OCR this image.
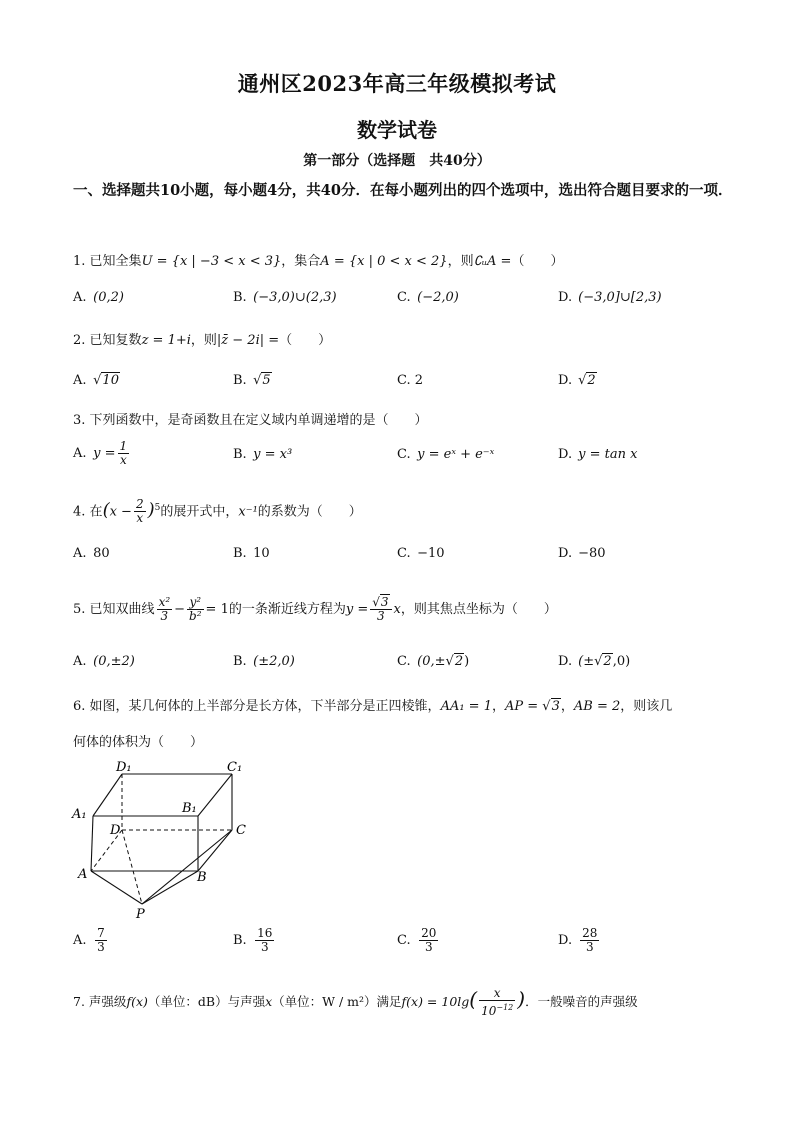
通州区2023年高三年级模拟考试
数学试卷
第一部分（选择题　共40分）
一、选择题共10小题，每小题4分，共40分．在每小题列出的四个选项中，选出符合题目要求的一项．
1. 已知全集U = {x | −3 < x < 3}，集合A = {x | 0 < x < 2}，则∁ᵤA =（　　）
A. (0,2)	B. (−3,0)∪(2,3)	C. (−2,0)	D. (−3,0]∪[2,3)
2. 已知复数z = 1+i，则|z̄ − 2i| =（　　）
A. √10	B. √5	C. 2	D. √2
3. 下列函数中，是奇函数且在定义域内单调递增的是（　　）
A. $y = \frac{1}{x}$	B. y = x³	C. y = eˣ + e⁻ˣ	D. y = tan x
4. 在$(x - \frac{2}{x} )^5$的展开式中，x⁻¹的系数为（　　）
A. 80	B. 10	C. −10	D. −80
5. 已知双曲线 $\frac{\text{x²}}{3} - \frac{\text{y²}}{\text{b²}} = 1$的一条渐近线方程为$y = \frac{√3}{3}$ x，则其焦点坐标为（　　）
A. (0,±2)	B. (±2,0)	C. (0,±√2)	D. (±√2,0)
6. 如图，某几何体的上半部分是长方体，下半部分是正四棱锥，AA₁ = 1，AP = √3，AB = 2，则该几
何体的体积为（　　）
D₁	C₁
A₁	B₁
D	C
A	B
P
A. $\frac{7}{3}$	B. $\frac{16}{3}$	C. $\frac{20}{3}$	D. $\frac{28}{3}$
7. 声强级f(x)（单位：dB）与声强x（单位：W / m²）满足$f(x) = 10\lg( \frac{x}{10^{-12}}$ )．一般噪音的声强级
